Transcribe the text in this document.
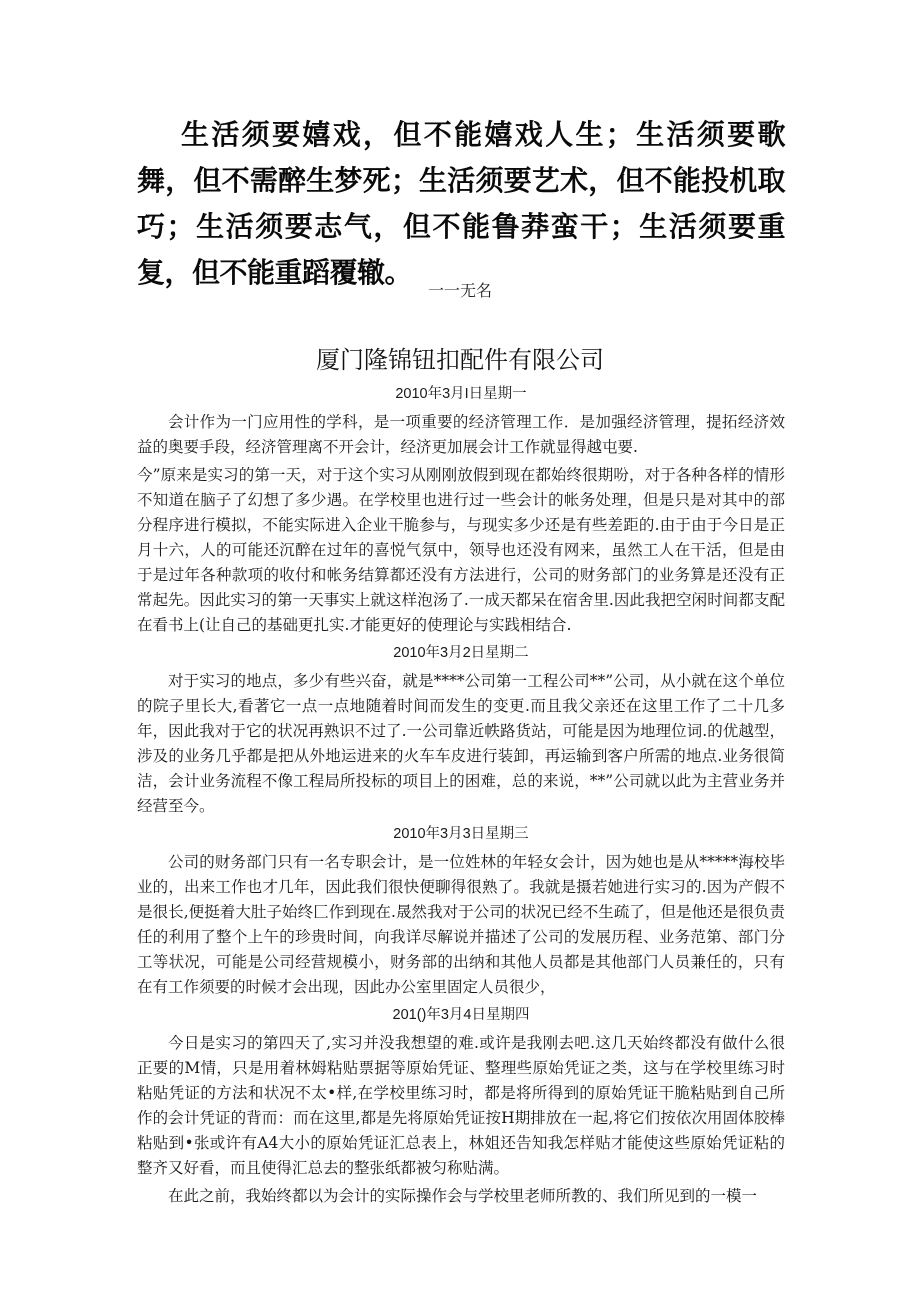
生活须要嬉戏，但不能嬉戏人生；生活须要歌舞，但不需醉生梦死；生活须要艺术，但不能投机取巧；生活须要志气，但不能鲁莽蛮干；生活须要重复，但不能重蹈覆辙。

一一无名
厦门隆锦钮扣配件有限公司
2010年3月I日星期一

会计作为一门应用性的学科，是一项重要的经济管理工作．是加强经济管理，提拓经济效益的奥要手段，经济管理离不开会计，经济更加展会计工作就显得越屯要.

今”原来是实习的第一天，对于这个实习从刚刚放假到现在都始终很期吩，对于各种各样的情形不知道在脑子了幻想了多少遇。在学校里也进行过一些会计的帐务处理，但是只是对其中的部分程序进行模拟，不能实际进入企业干脆参与，与现实多少还是有些差距的.由于由于今日是正月十六，人的可能还沉醉在过年的喜悦气氛中，领导也还没有网来，虽然工人在干活，但是由于是过年各种款项的收付和帐务结算都还没有方法进行，公司的财务部门的业务算是还没有正常起先。因此实习的第一天事实上就这样泡汤了.一成天都呆在宿舍里.因此我把空闲时间都支配在看书上(让自己的基础更扎实.才能更好的使理论与实践相结合.

2010年3月2日星期二

对于实习的地点，多少有些兴奋，就是****公司第一工程公司**”公司，从小就在这个单位的院子里长大,看著它一点一点地随着时间而发生的变更.而且我父亲还在这里工作了二十几多年，因此我对于它的状况再熟识不过了.一公司靠近帙路货站，可能是因为地理位词.的优越型，涉及的业务几乎都是把从外地运进来的火车车皮进行装卸，再运输到客户所需的地点.业务很简洁，会计业务流程不像工程局所投标的项目上的困难，总的来说，**”公司就以此为主营业务并经营至今。

2010年3月3日星期三

公司的财务部门只有一名专职会计，是一位姓林的年轻女会计，因为她也是从*****海校毕业的，出来工作也才几年，因此我们很快便聊得很熟了。我就是摄若她进行实习的.因为产假不是很长,便挺着大肚子始终匚作到现在.晟然我对于公司的状况已经不生疏了，但是他还是很负责任的利用了整个上午的珍贵时间，向我详尽解说并描述了公司的发展历程、业务范第、部门分工等状况，可能是公司经营规模小，财务部的出纳和其他人员都是其他部门人员兼任的，只有在有工作须要的时候才会出现，因此办公室里固定人员很少，

201()年3月4日星期四

今日是实习的第四天了,实习并没我想望的难.或许是我刚去吧.这几天始终都没有做什么很正要的M情，只是用着林姆粘贴票据等原始凭证、整理些原始凭证之类，这与在学校里练习时粘贴凭证的方法和状况不太•样,在学校里练习时，都是将所得到的原始凭证干脆粘贴到自己所作的会计凭证的背而：而在这里,都是先将原始凭证按H期排放在一起,将它们按依次用固体胶棒粘贴到•张或许有A4大小的原始凭证汇总表上，林姐还告知我怎样贴才能使这些原始凭证粘的整齐又好看，而且使得汇总去的整张纸都被匀称贴满。

在此之前，我始终都以为会计的实际操作会与学校里老师所教的、我们所见到的一模一
